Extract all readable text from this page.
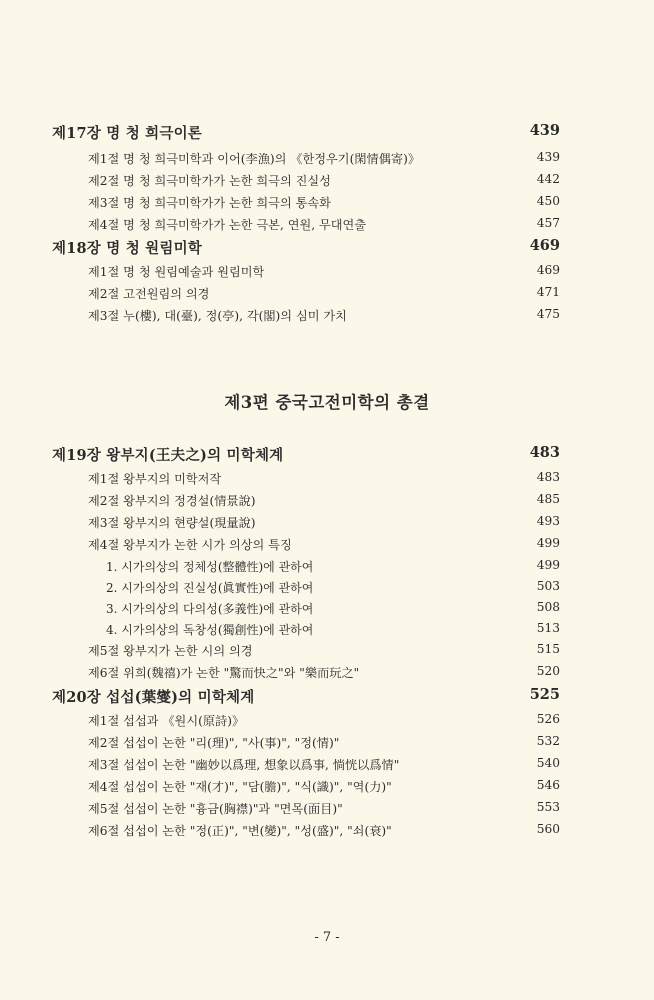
제17장 명 청 희극이론	439
제1절 명 청 희극미학과 이어(李漁)의 《한정우기(閑情偶寄)》	439
제2절 명 청 희극미학가가 논한 희극의 진실성	442
제3절 명 청 희극미학가가 논한 희극의 통속화	450
제4절 명 청 희극미학가가 논한 극본, 연원, 무대연출	457
제18장 명 청 원림미학	469
제1절 명 청 원림예술과 원림미학	469
제2절 고전원림의 의경	471
제3절 누(樓), 대(臺), 정(亭), 각(閣)의 심미 가치	475
제3편 중국고전미학의 총결
제19장 왕부지(王夫之)의 미학체계	483
제1절 왕부지의 미학저작	483
제2절 왕부지의 정경설(情景說)	485
제3절 왕부지의 현량설(現量說)	493
제4절 왕부지가 논한 시가 의상의 특징	499
1. 시가의상의 정체성(整體性)에 관하여	499
2. 시가의상의 진실성(眞實性)에 관하여	503
3. 시가의상의 다의성(多義性)에 관하여	508
4. 시가의상의 독창성(獨創性)에 관하여	513
제5절 왕부지가 논한 시의 의경	515
제6절 위희(魏禧)가 논한 "驚而快之"와 "樂而玩之"	520
제20장 섭섭(葉燮)의 미학체계	525
제1절 섭섭과 《원시(原詩)》	526
제2절 섭섭이 논한 "리(理)", "사(事)", "정(情)"	532
제3절 섭섭이 논한 "幽妙以爲理, 想象以爲事, 惝恍以爲情"	540
제4절 섭섭이 논한 "재(才)", "담(膽)", "식(識)", "역(力)"	546
제5절 섭섭이 논한 "흉금(胸襟)"과 "면목(面目)"	553
제6절 섭섭이 논한 "정(正)", "변(變)", "성(盛)", "쇠(衰)"	560
- 7 -
